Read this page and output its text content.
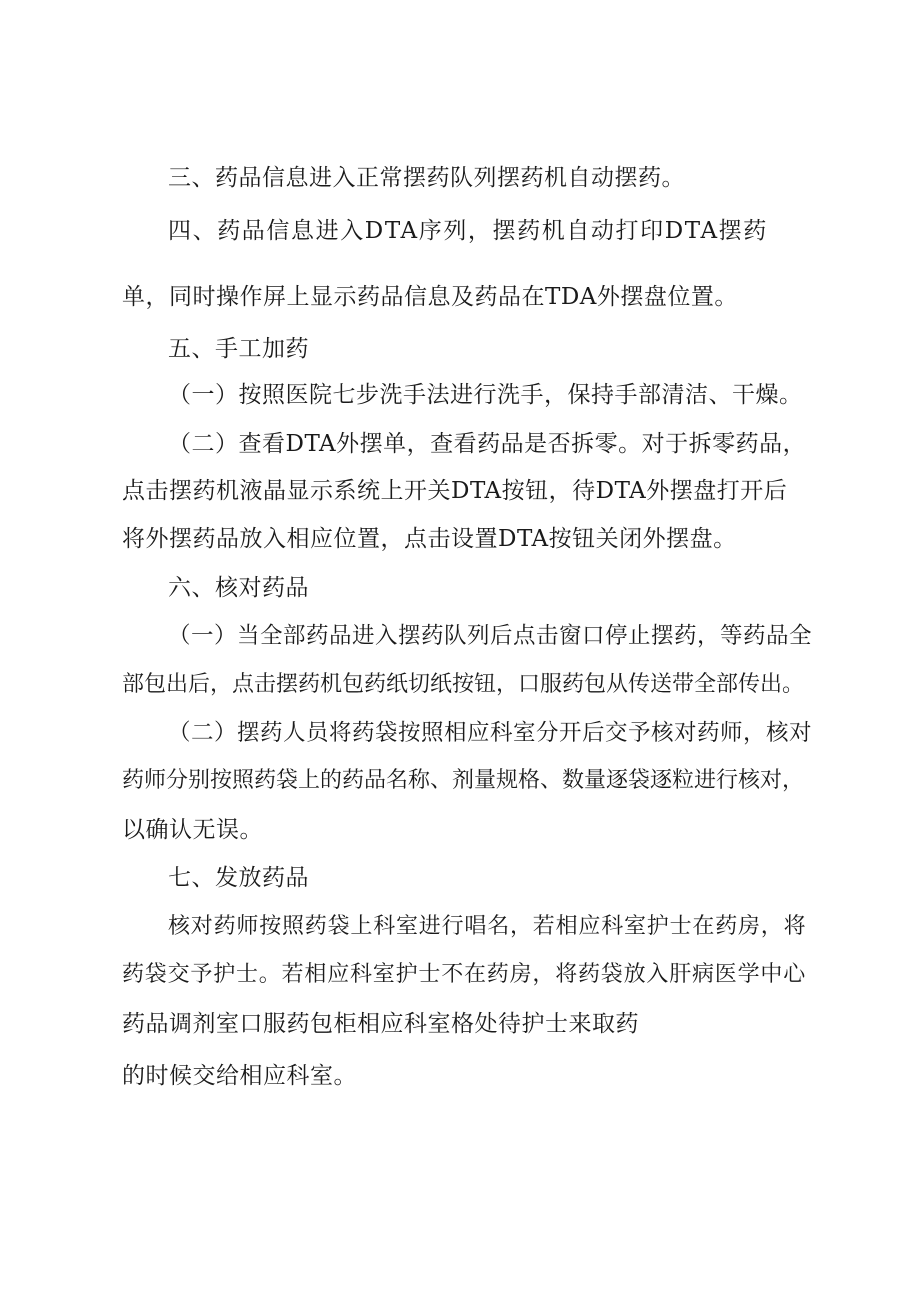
三、药品信息进入正常摆药队列摆药机自动摆药。
四、药品信息进入DTA序列，摆药机自动打印DTA摆药
单，同时操作屏上显示药品信息及药品在TDA外摆盘位置。
五、手工加药
（一）按照医院七步洗手法进行洗手，保持手部清洁、干燥。
（二）查看DTA外摆单，查看药品是否拆零。对于拆零药品，
点击摆药机液晶显示系统上开关DTA按钮，待DTA外摆盘打开后
将外摆药品放入相应位置，点击设置DTA按钮关闭外摆盘。
六、核对药品
（一）当全部药品进入摆药队列后点击窗口停止摆药，等药品全
部包出后，点击摆药机包药纸切纸按钮，口服药包从传送带全部传出。
（二）摆药人员将药袋按照相应科室分开后交予核对药师，核对
药师分别按照药袋上的药品名称、剂量规格、数量逐袋逐粒进行核对，
以确认无误。
七、发放药品
核对药师按照药袋上科室进行唱名，若相应科室护士在药房，将
药袋交予护士。若相应科室护士不在药房，将药袋放入肝病医学中心
药品调剂室口服药包柜相应科室格处待护士来取药
的时候交给相应科室。
